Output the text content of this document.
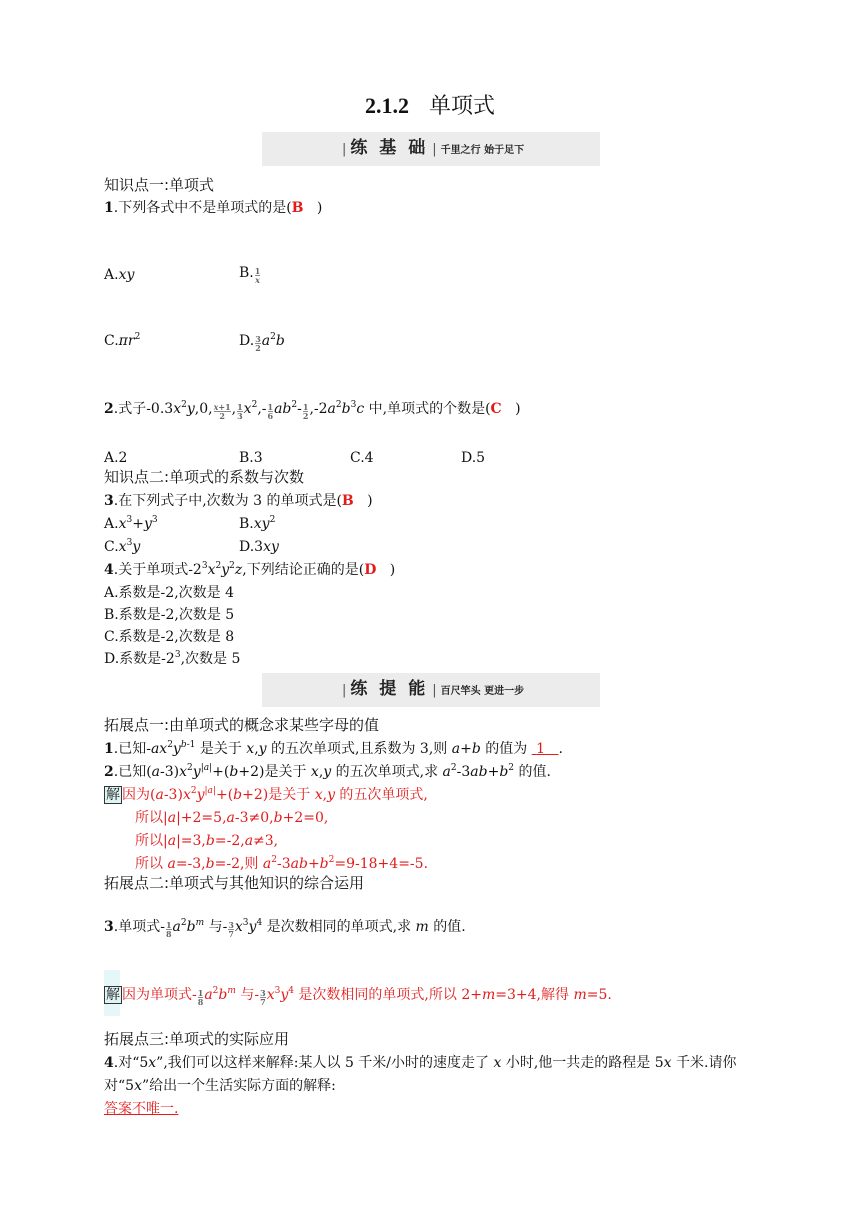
2.1.2 单项式
| 练 基 础 | 千里之行 始于足下
知识点一:单项式
1.下列各式中不是单项式的是(B )
A.xy	B. $\frac{1}{x}$
$C.\pi r^2$	D. $\frac{3}{2} a^2b$
2.式子$-0.3x^2y,0$, $\frac{x+1}{2}$ , $\frac{1}{3} x^2,- \frac{1}{6} ab^2- \frac{1}{2} ,-2a^2b^3c$ 中,单项式的个数是(C )
A.2	B.3	C.4	D.5
知识点二:单项式的系数与次数
3.在下列式子中,次数为 3 的单项式是(B )
$A.x^3+y^3$	$B.xy^2$
$C.x^3y$	D.3xy
4.关于单项式$-2^3x^2y^2z$,下列结论正确的是(D )
A.系数是-2,次数是 4
B.系数是-2,次数是 5
C.系数是-2,次数是 8
D.系数是$-2^3$,次数是 5
| 练 提 能 | 百尺竿头 更进一步
拓展点一:由单项式的概念求某些字母的值
1.已知$-ax^2y^{b-1}$ 是关于 x,y 的五次单项式,且系数为 3,则 a+b 的值为  1 .
2.已知$(a-3)x^2y^{|a|}+(b+2)$是关于 x,y 的五次单项式,求 $a^2-3ab+b^2$ 的值.
解 因为$(a-3)x^2y^{|a|}+(b+2)$是关于 x,y 的五次单项式,
所以|a|+2=5,a-3≠0,b+2=0,
所以|a|=3,b=-2,a≠3,
所以 a=-3,b=-2,则 $a^2-3ab+b^2=9-18+4=-5$.
拓展点二:单项式与其他知识的综合运用
3.单项式- $\frac{1}{8} a^2b^m$ 与- $\frac{3}{7} x^3y^4$ 是次数相同的单项式,求 m 的值.
解 因为单项式- $\frac{1}{8} a^2b^m$ 与- $\frac{3}{7} x^3y^4$ 是次数相同的单项式,所以 2+m=3+4,解得 m=5.
拓展点三:单项式的实际应用
4.对“5x”,我们可以这样来解释:某人以 5 千米/小时的速度走了 x 小时,他一共走的路程是 5x 千米.请你
对“5x”给出一个生活实际方面的解释:
答案不唯一.
